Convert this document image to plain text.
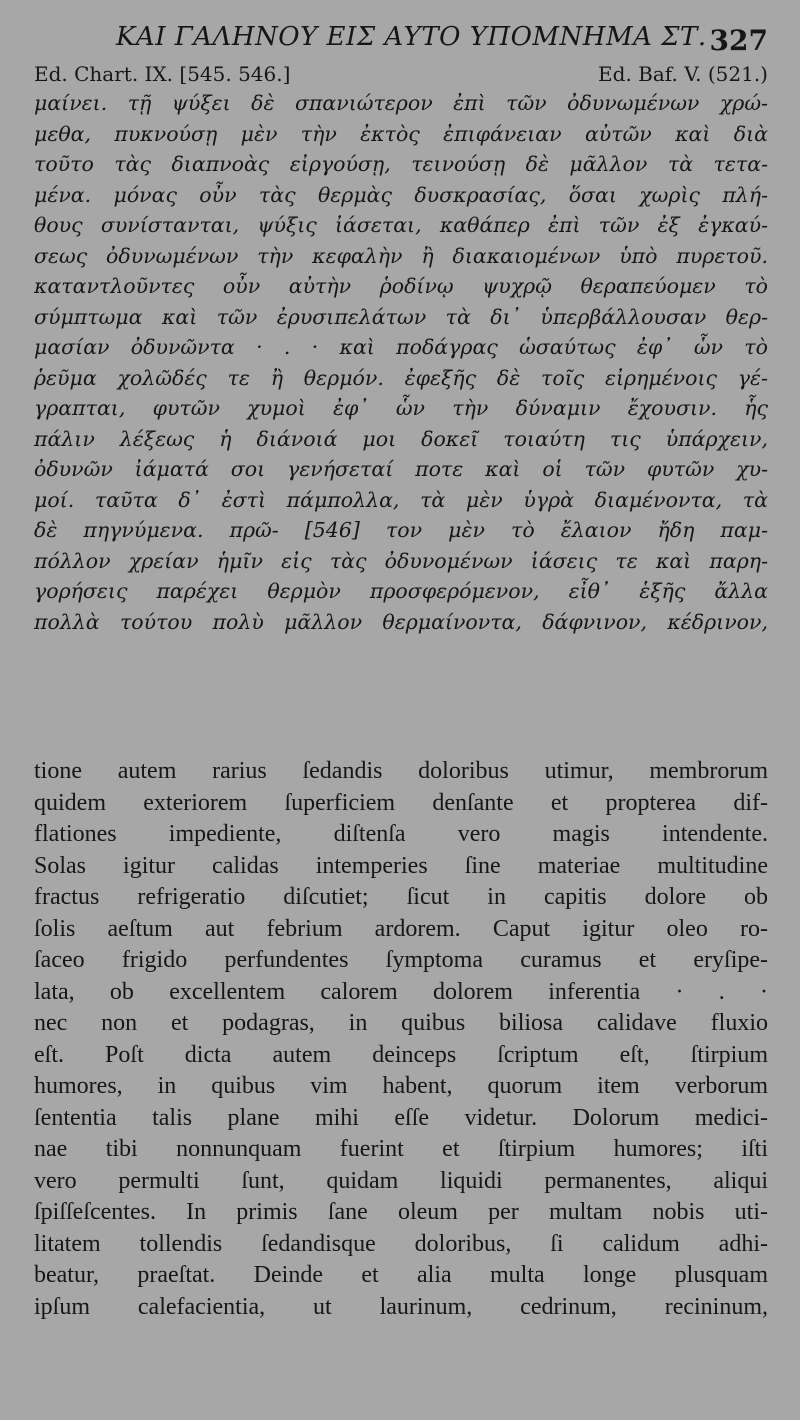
ΚΑΙ ΓΑΛΗΝΟΥ ΕΙΣ ΑΥΤΟ ΥΠΟΜΝΗΜΑ ΣΤ. 327
Ed. Chart. IX. [545. 546.]	Ed. Baf. V. (521.)
μαίνει. τῇ ψύξει δὲ σπανιώτερον ἐπὶ τῶν ὀδυνωμένων χρώ-
μεθα, πυκνούσῃ μὲν τὴν ἐκτὸς ἐπιφάνειαν αὐτῶν καὶ διὰ
τοῦτο τὰς διαπνοὰς εἰργούσῃ, τεινούσῃ δὲ μᾶλλον τὰ τετα-
μένα. μόνας οὖν τὰς θερμὰς δυσκρασίας, ὅσαι χωρὶς πλή-
θους συνίστανται, ψύξις ἰάσεται, καθάπερ ἐπὶ τῶν ἐξ ἐγκαύ-
σεως ὀδυνωμένων τὴν κεφαλὴν ἢ διακαιομένων ὑπὸ πυρετοῦ.
καταντλοῦντες οὖν αὐτὴν ῥοδίνῳ ψυχρῷ θεραπεύομεν τὸ
σύμπτωμα καὶ τῶν ἐρυσιπελάτων τὰ δι᾽ ὑπερβάλλουσαν θερ-
μασίαν ὀδυνῶντα · . · καὶ ποδάγρας ὡσαύτως ἐφ᾽ ὧν τὸ
ῥεῦμα χολῶδές τε ἢ θερμόν. ἐφεξῆς δὲ τοῖς εἰρημένοις γέ-
γραπται, φυτῶν χυμοὶ ἐφ᾽ ὧν τὴν δύναμιν ἔχουσιν. ἧς
πάλιν λέξεως ἡ διάνοιά μοι δοκεῖ τοιαύτη τις ὑπάρχειν,
ὀδυνῶν ἰάματά σοι γενήσεταί ποτε καὶ οἱ τῶν φυτῶν χυ-
μοί. ταῦτα δ᾽ ἐστὶ πάμπολλα, τὰ μὲν ὑγρὰ διαμένοντα, τὰ
δὲ πηγνύμενα. πρῶ- [546] τον μὲν τὸ ἔλαιον ἤδη παμ-
πόλλον χρείαν ἡμῖν εἰς τὰς ὀδυνομένων ἰάσεις τε καὶ παρη-
γορήσεις παρέχει θερμὸν προσφερόμενον, εἶθ᾽ ἑξῆς ἄλλα
πολλὰ τούτου πολὺ μᾶλλον θερμαίνοντα, δάφνινον, κέδρινον,
tione autem rarius ſedandis doloribus utimur, membrorum
quidem exteriorem ſuperficiem denſante et propterea dif-
flationes impediente, diſtenſa vero magis intendente.
Solas igitur calidas intemperies ſine materiae multitudine
fractus refrigeratio diſcutiet; ſicut in capitis dolore ob
ſolis aeſtum aut febrium ardorem. Caput igitur oleo ro-
ſaceo frigido perfundentes ſymptoma curamus et eryſipe-
lata, ob excellentem calorem dolorem inferentia · . ·
nec non et podagras, in quibus biliosa calidave fluxio
eſt. Poſt dicta autem deinceps ſcriptum eſt, ſtirpium
humores, in quibus vim habent, quorum item verborum
ſententia talis plane mihi eſſe videtur. Dolorum medici-
nae tibi nonnunquam fuerint et ſtirpium humores; iſti
vero permulti ſunt, quidam liquidi permanentes, aliqui
ſpiſſeſcentes. In primis ſane oleum per multam nobis uti-
litatem tollendis ſedandisque doloribus, ſi calidum adhi-
beatur, praeſtat. Deinde et alia multa longe plusquam
ipſum calefacientia, ut laurinum, cedrinum, recininum,
